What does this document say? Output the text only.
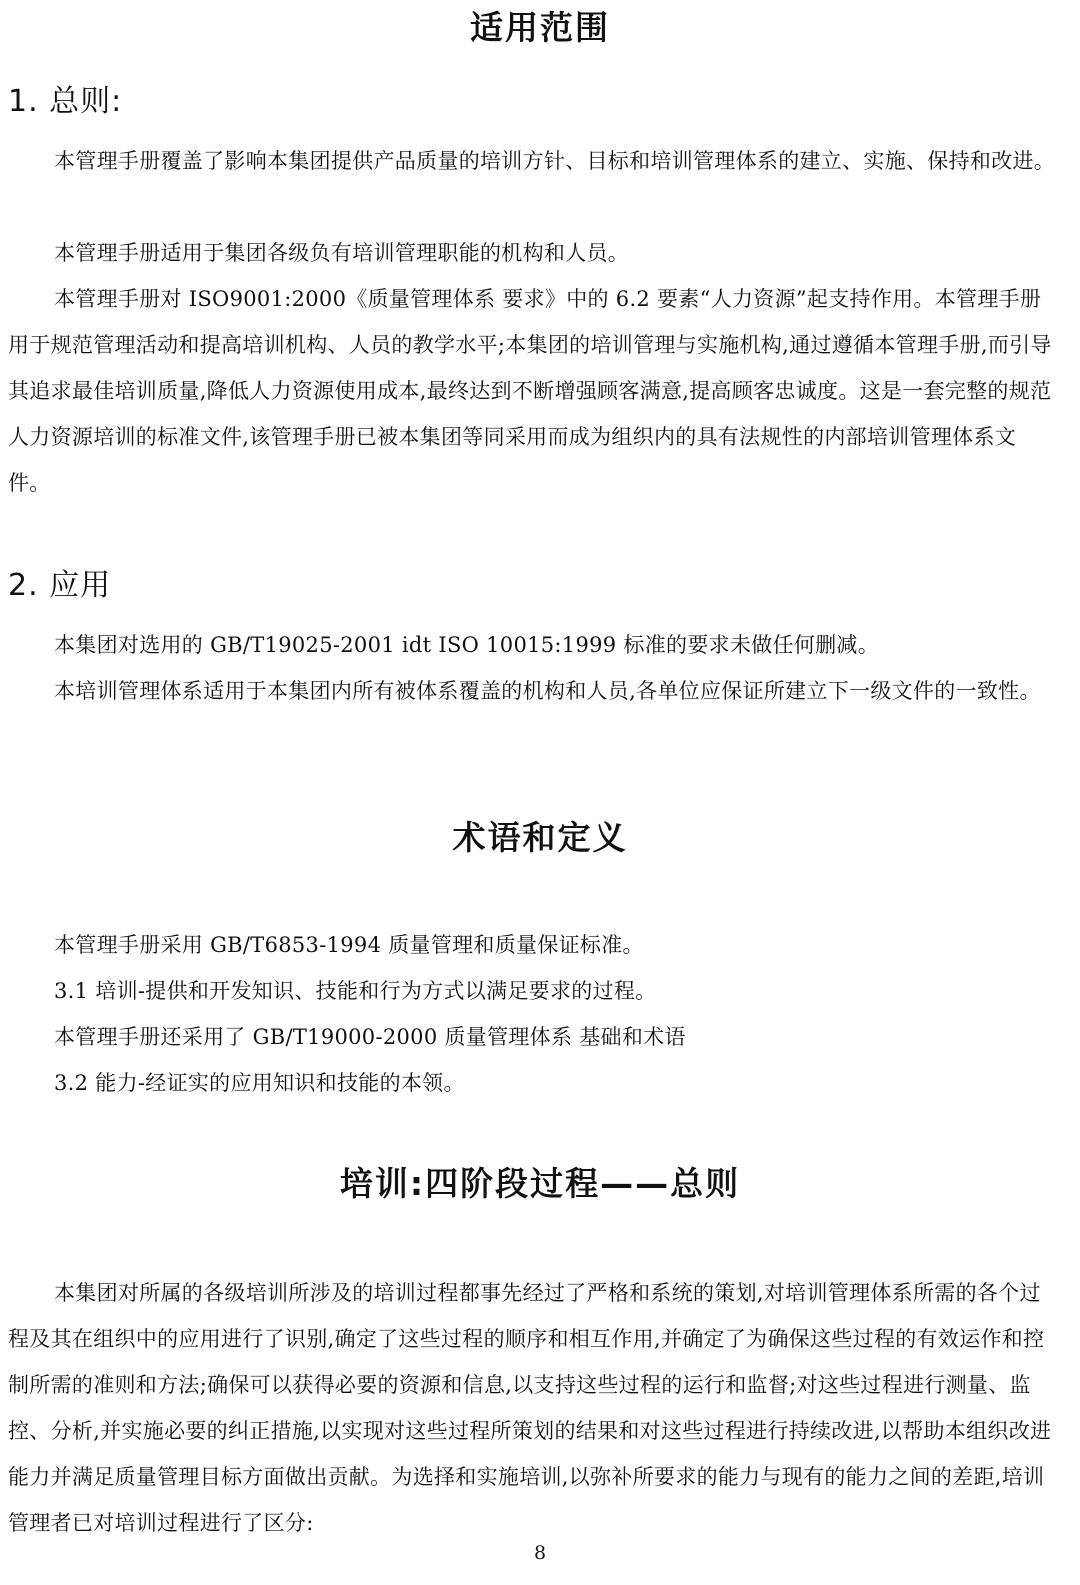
适用范围
1. 总则:

本管理手册覆盖了影响本集团提供产品质量的培训方针、目标和培训管理体系的建立、实施、保持和改进。

本管理手册适用于集团各级负有培训管理职能的机构和人员。

本管理手册对 ISO9001:2000《质量管理体系 要求》中的 6.2 要素“人力资源”起支持作用。本管理手册用于规范管理活动和提高培训机构、人员的教学水平;本集团的培训管理与实施机构,通过遵循本管理手册,而引导其追求最佳培训质量,降低人力资源使用成本,最终达到不断增强顾客满意,提高顾客忠诚度。这是一套完整的规范人力资源培训的标准文件,该管理手册已被本集团等同采用而成为组织内的具有法规性的内部培训管理体系文件。

2. 应用

本集团对选用的 GB/T19025-2001 idt ISO 10015:1999 标准的要求未做任何删减。

本培训管理体系适用于本集团内所有被体系覆盖的机构和人员,各单位应保证所建立下一级文件的一致性。

术语和定义

本管理手册采用 GB/T6853-1994 质量管理和质量保证标准。

3.1 培训-提供和开发知识、技能和行为方式以满足要求的过程。

本管理手册还采用了 GB/T19000-2000 质量管理体系 基础和术语

3.2 能力-经证实的应用知识和技能的本领。

培训:四阶段过程——总则

本集团对所属的各级培训所涉及的培训过程都事先经过了严格和系统的策划,对培训管理体系所需的各个过程及其在组织中的应用进行了识别,确定了这些过程的顺序和相互作用,并确定了为确保这些过程的有效运作和控制所需的准则和方法;确保可以获得必要的资源和信息,以支持这些过程的运行和监督;对这些过程进行测量、监控、分析,并实施必要的纠正措施,以实现对这些过程所策划的结果和对这些过程进行持续改进,以帮助本组织改进能力并满足质量管理目标方面做出贡献。为选择和实施培训,以弥补所要求的能力与现有的能力之间的差距,培训管理者已对培训过程进行了区分:

8
